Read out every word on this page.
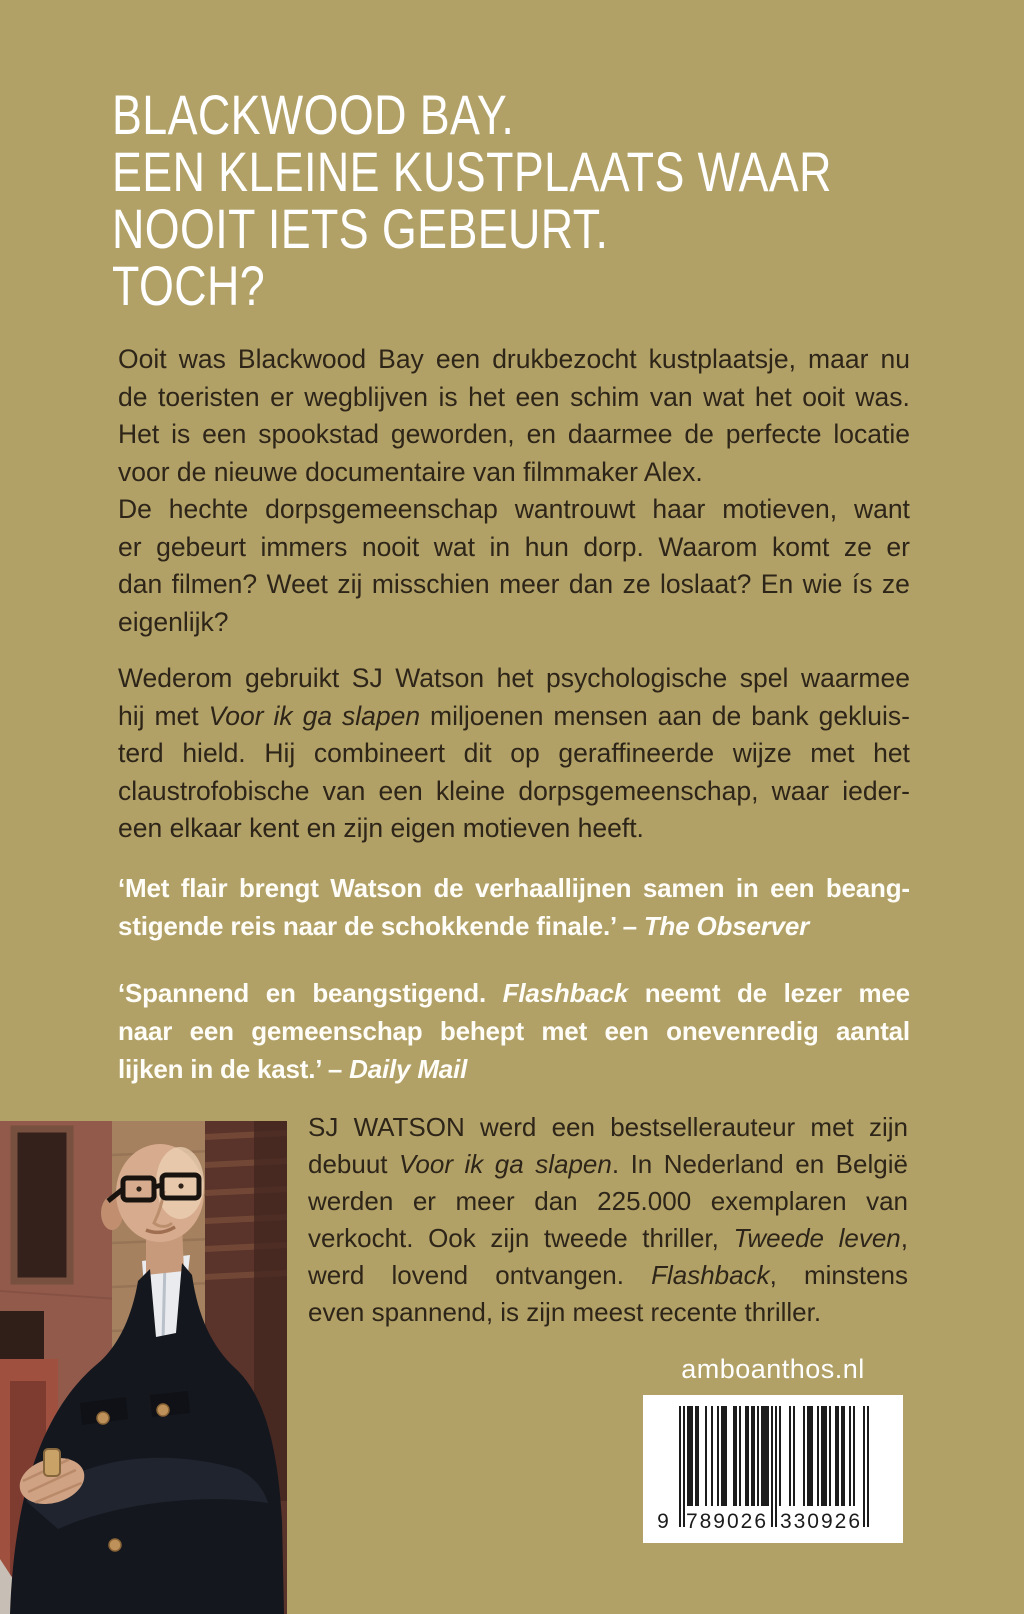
BLACKWOOD BAY.
EEN KLEINE KUSTPLAATS WAAR
NOOIT IETS GEBEURT.
TOCH?
Ooit was Blackwood Bay een drukbezocht kustplaatsje, maar nu
de toeristen er wegblijven is het een schim van wat het ooit was.
Het is een spookstad geworden, en daarmee de perfecte locatie
voor de nieuwe documentaire van filmmaker Alex.
De hechte dorpsgemeenschap wantrouwt haar motieven, want
er gebeurt immers nooit wat in hun dorp. Waarom komt ze er
dan filmen? Weet zij misschien meer dan ze loslaat? En wie ís ze
eigenlijk?
Wederom gebruikt SJ Watson het psychologische spel waarmee
hij met Voor ik ga slapen miljoenen mensen aan de bank gekluis-
terd hield. Hij combineert dit op geraffineerde wijze met het
claustrofobische van een kleine dorpsgemeenschap, waar ieder-
een elkaar kent en zijn eigen motieven heeft.
‘Met flair brengt Watson de verhaallijnen samen in een beang-
stigende reis naar de schokkende finale.’ – The Observer
‘Spannend en beangstigend. Flashback neemt de lezer mee
naar een gemeenschap behept met een onevenredig aantal
lijken in de kast.’ – Daily Mail
SJ WATSON werd een bestsellerauteur met zijn
debuut Voor ik ga slapen. In Nederland en België
werden er meer dan 225.000 exemplaren van
verkocht. Ook zijn tweede thriller, Tweede leven,
werd lovend ontvangen. Flashback, minstens
even spannend, is zijn meest recente thriller.
amboanthos.nl
9 789026 330926
